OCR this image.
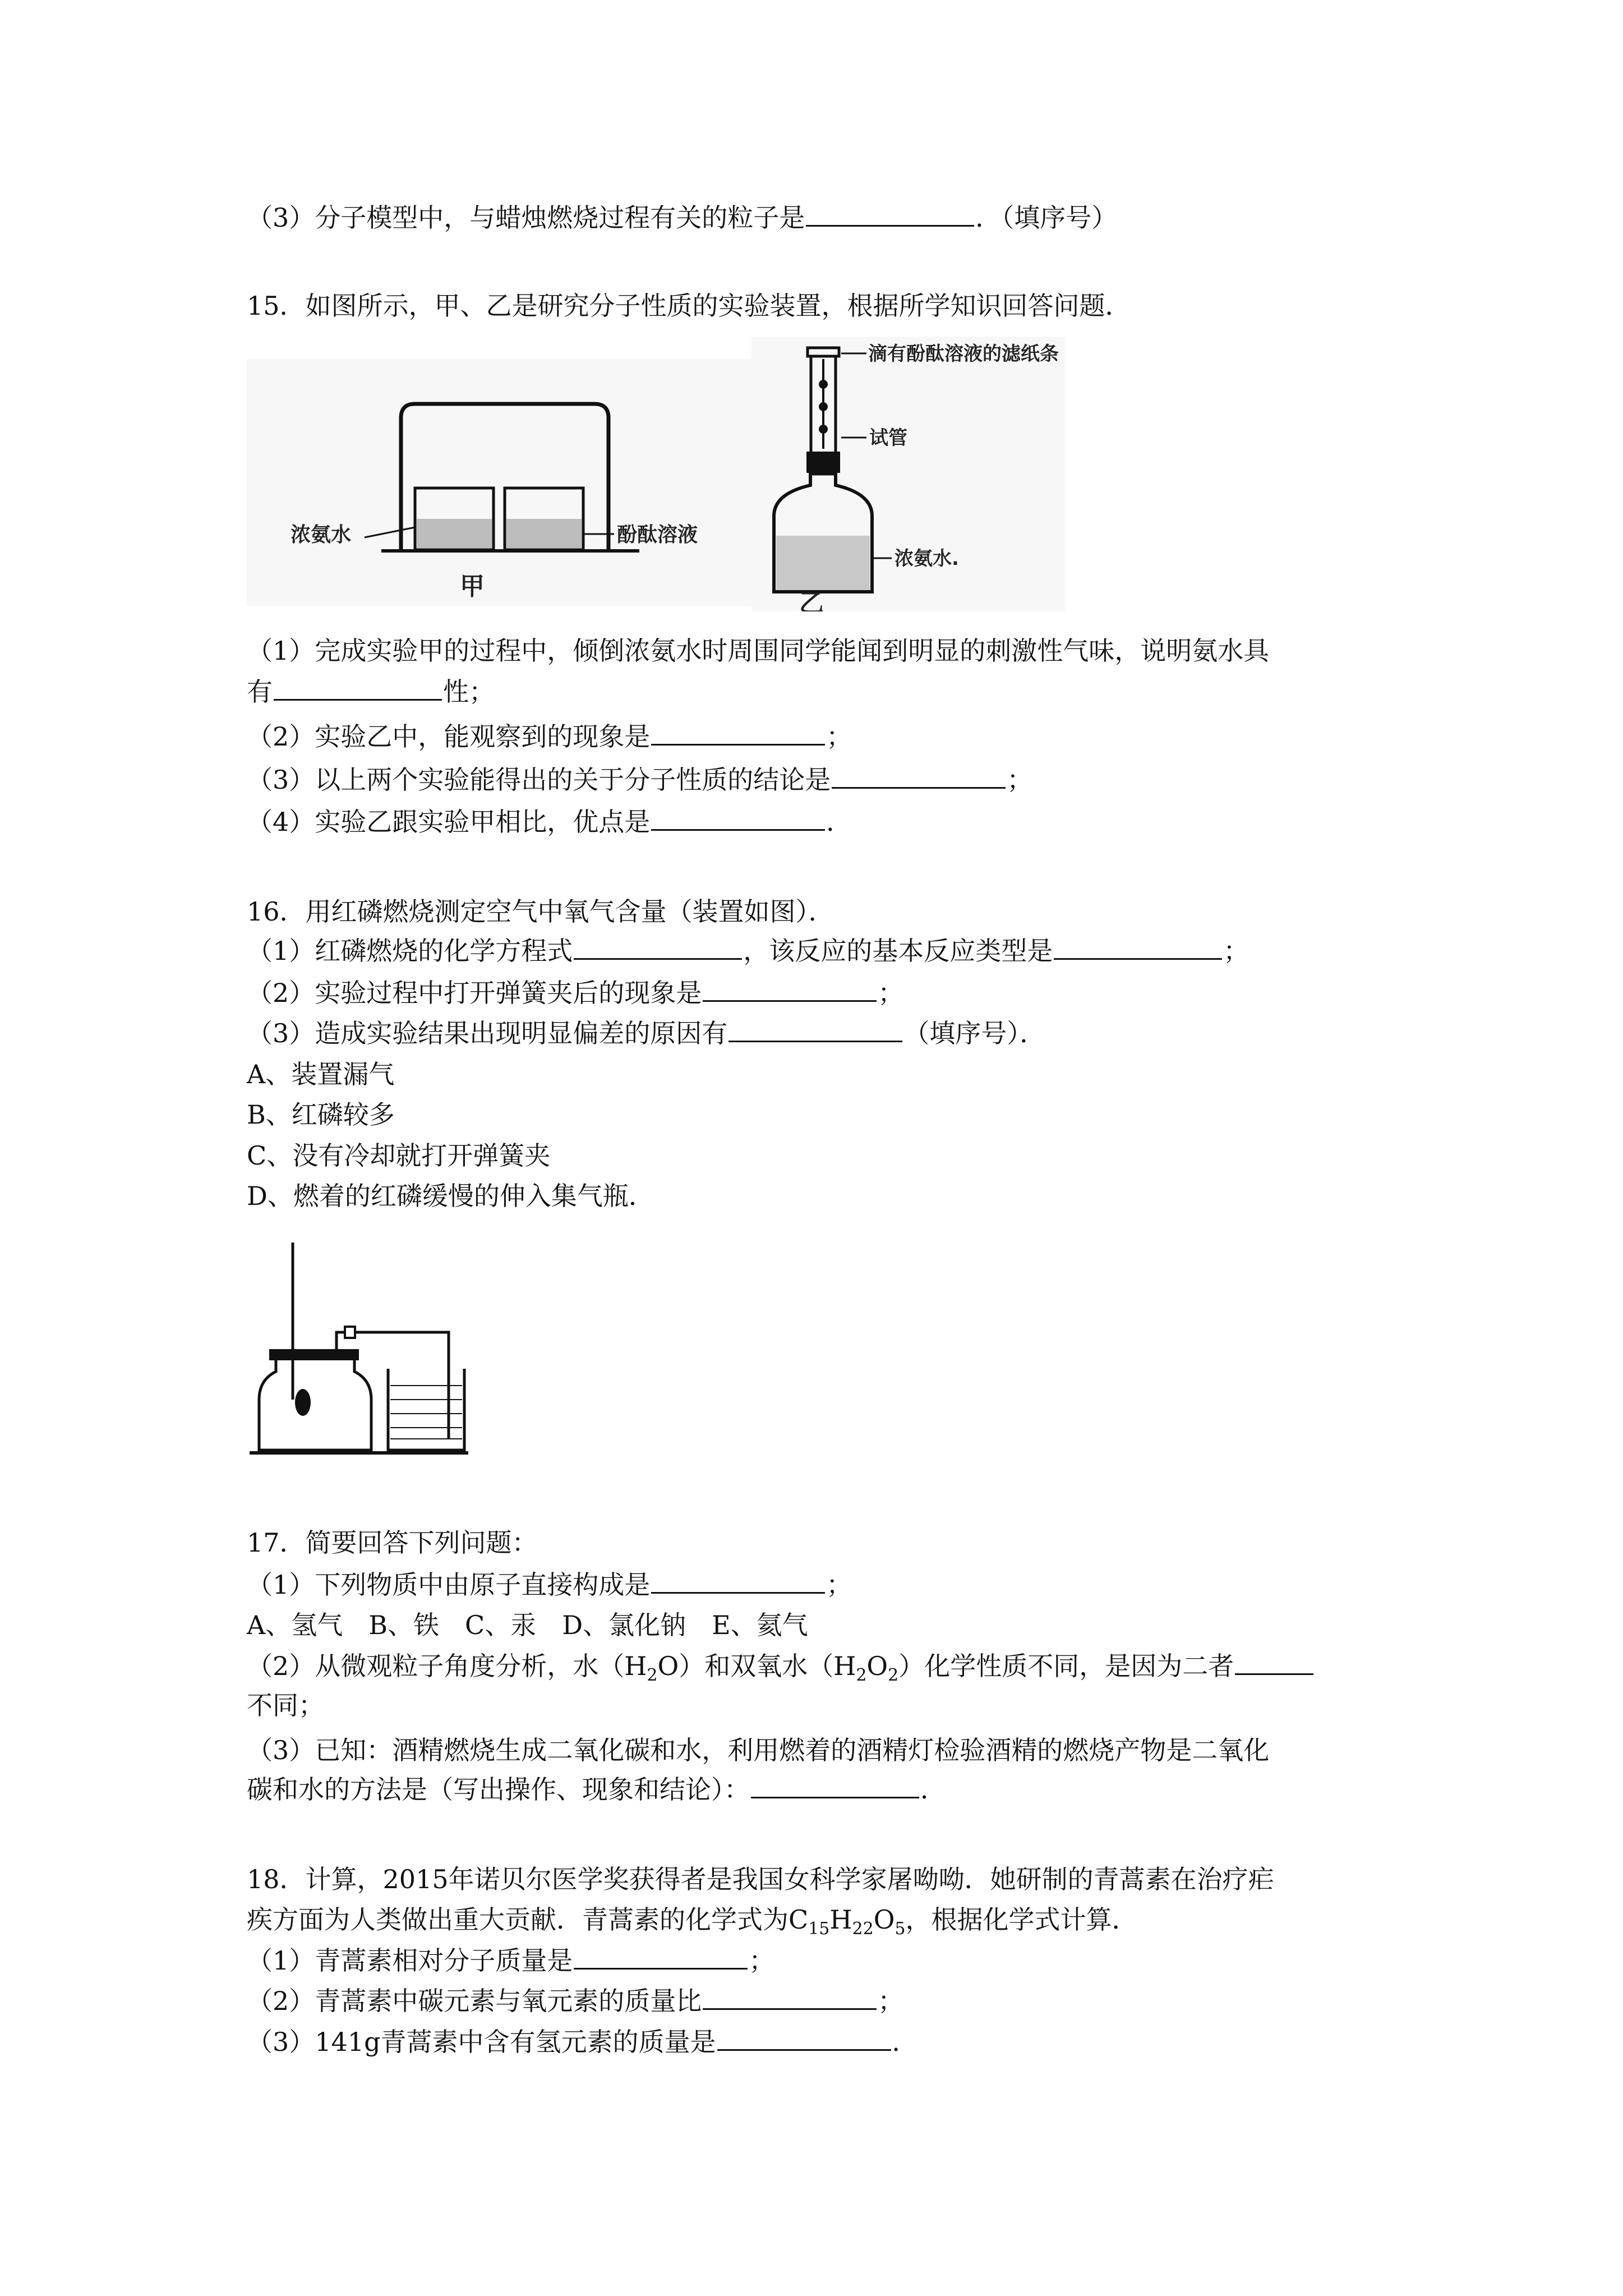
（3）分子模型中，与蜡烛燃烧过程有关的粒子是	．（填序号）
15．如图所示，甲、乙是研究分子性质的实验装置，根据所学知识回答问题．
浓氨水	酚酞溶液
甲
滴有酚酞溶液的滤纸条
试管
浓氨水.
乙
（1）完成实验甲的过程中，倾倒浓氨水时周围同学能闻到明显的刺激性气味，说明氨水具
有	性；
（2）实验乙中，能观察到的现象是	；
（3）以上两个实验能得出的关于分子性质的结论是	；
（4）实验乙跟实验甲相比，优点是	．
16．用红磷燃烧测定空气中氧气含量（装置如图）．
（1）红磷燃烧的化学方程式	，该反应的基本反应类型是	；
（2）实验过程中打开弹簧夹后的现象是	；
（3）造成实验结果出现明显偏差的原因有	（填序号）．
A、装置漏气
B、红磷较多
C、没有冷却就打开弹簧夹
D、燃着的红磷缓慢的伸入集气瓶．
17．简要回答下列问题：
（1）下列物质中由原子直接构成是	；
A、氢气　B、铁　C、汞　D、氯化钠　E、氦气
（2）从微观粒子角度分析，水$(H_2O)$和双氧水$(H_2O_2)$化学性质不同，是因为二者
不同；
（3）已知：酒精燃烧生成二氧化碳和水，利用燃着的酒精灯检验酒精的燃烧产物是二氧化
碳和水的方法是（写出操作、现象和结论）：	．
18．计算，2015年诺贝尔医学奖获得者是我国女科学家屠呦呦．她研制的青蒿素在治疗疟
疾方面为人类做出重大贡献．青蒿素的化学式为$C_{15}H_{22}O_5$，根据化学式计算．
（1）青蒿素相对分子质量是	；
（2）青蒿素中碳元素与氧元素的质量比	；
（3）141g青蒿素中含有氢元素的质量是	．
